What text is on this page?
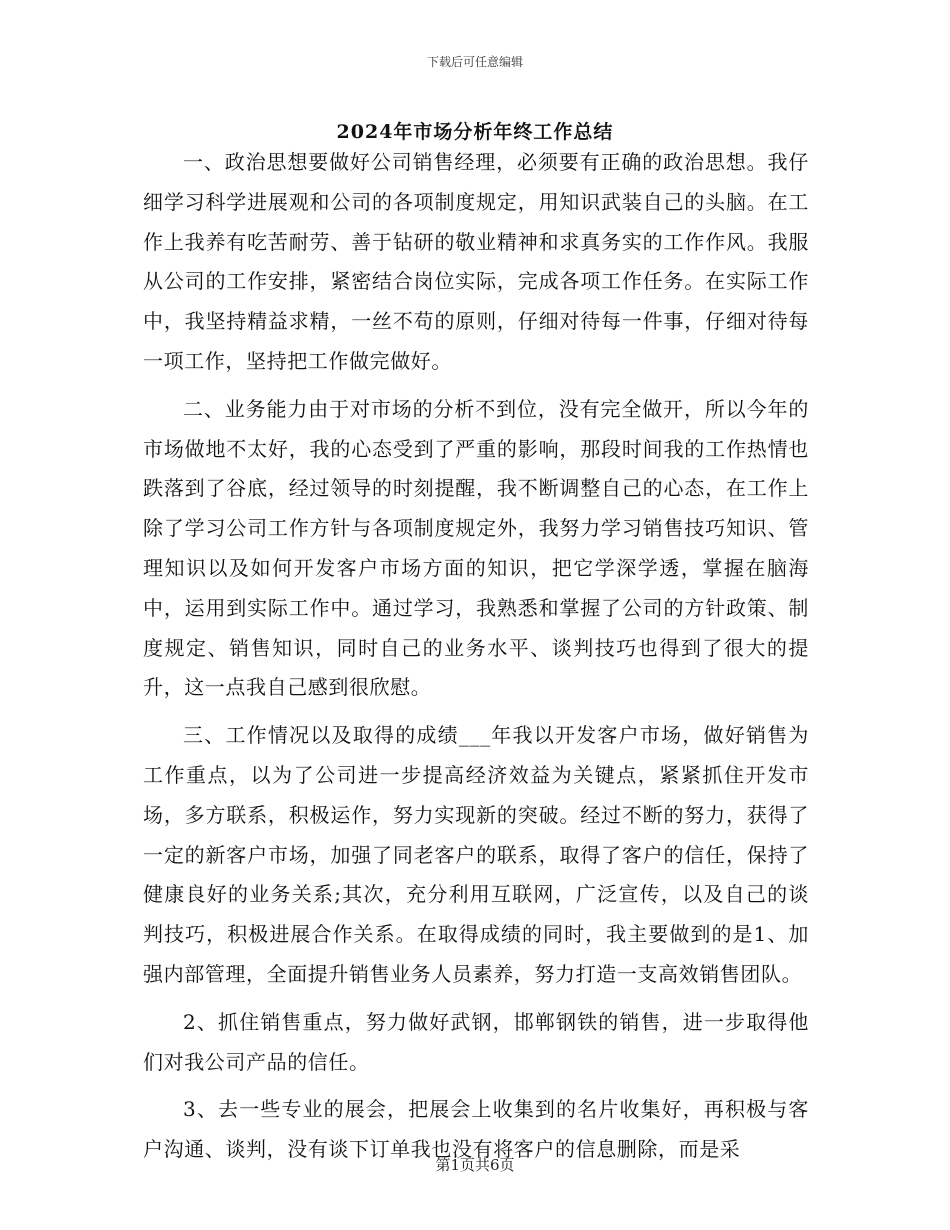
下载后可任意编辑
2024年市场分析年终工作总结

一、政治思想要做好公司销售经理，必须要有正确的政治思想。我仔细学习科学进展观和公司的各项制度规定，用知识武装自己的头脑。在工作上我养有吃苦耐劳、善于钻研的敬业精神和求真务实的工作作风。我服从公司的工作安排，紧密结合岗位实际，完成各项工作任务。在实际工作中，我坚持精益求精，一丝不苟的原则，仔细对待每一件事，仔细对待每一项工作，坚持把工作做完做好。

二、业务能力由于对市场的分析不到位，没有完全做开，所以今年的市场做地不太好，我的心态受到了严重的影响，那段时间我的工作热情也跌落到了谷底，经过领导的时刻提醒，我不断调整自己的心态，在工作上除了学习公司工作方针与各项制度规定外，我努力学习销售技巧知识、管理知识以及如何开发客户市场方面的知识，把它学深学透，掌握在脑海中，运用到实际工作中。通过学习，我熟悉和掌握了公司的方针政策、制度规定、销售知识，同时自己的业务水平、谈判技巧也得到了很大的提升，这一点我自己感到很欣慰。

三、工作情况以及取得的成绩___年我以开发客户市场，做好销售为工作重点，以为了公司进一步提高经济效益为关键点，紧紧抓住开发市场，多方联系，积极运作，努力实现新的突破。经过不断的努力，获得了一定的新客户市场，加强了同老客户的联系，取得了客户的信任，保持了健康良好的业务关系;其次，充分利用互联网，广泛宣传，以及自己的谈判技巧，积极进展合作关系。在取得成绩的同时，我主要做到的是1、加强内部管理，全面提升销售业务人员素养，努力打造一支高效销售团队。

2、抓住销售重点，努力做好武钢，邯郸钢铁的销售，进一步取得他们对我公司产品的信任。

3、去一些专业的展会，把展会上收集到的名片收集好，再积极与客户沟通、谈判，没有谈下订单我也没有将客户的信息删除，而是采

第1页共6页
